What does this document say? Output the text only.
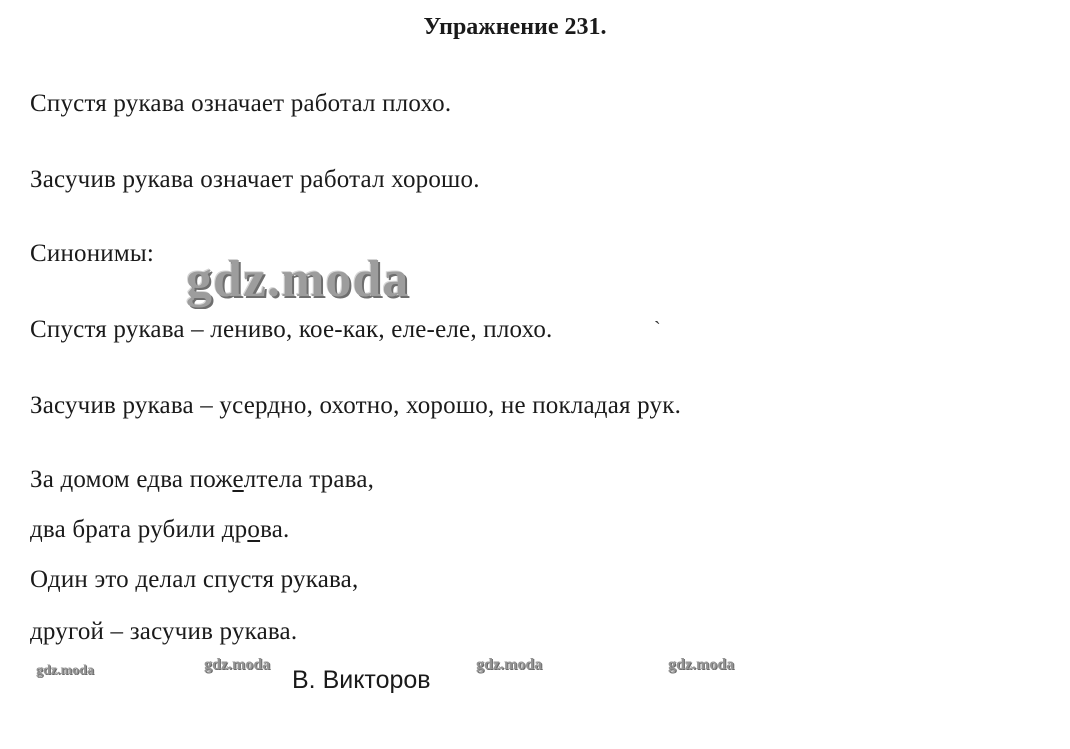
Упражнение 231.
Спустя рукава означает работал плохо.
Засучив рукава означает работал хорошо.
Синонимы:
Спустя рукава – лениво, кое-как, еле-еле, плохо.
Засучив рукава – усердно, охотно, хорошо, не покладая рук.
За домом едва пожелтела трава,
два брата рубили дрова.
Один это делал спустя рукава,
другой – засучив рукава.
В. Викторов
gdz.moda
gdz.moda	gdz.moda	gdz.moda	gdz.moda
ˋ
